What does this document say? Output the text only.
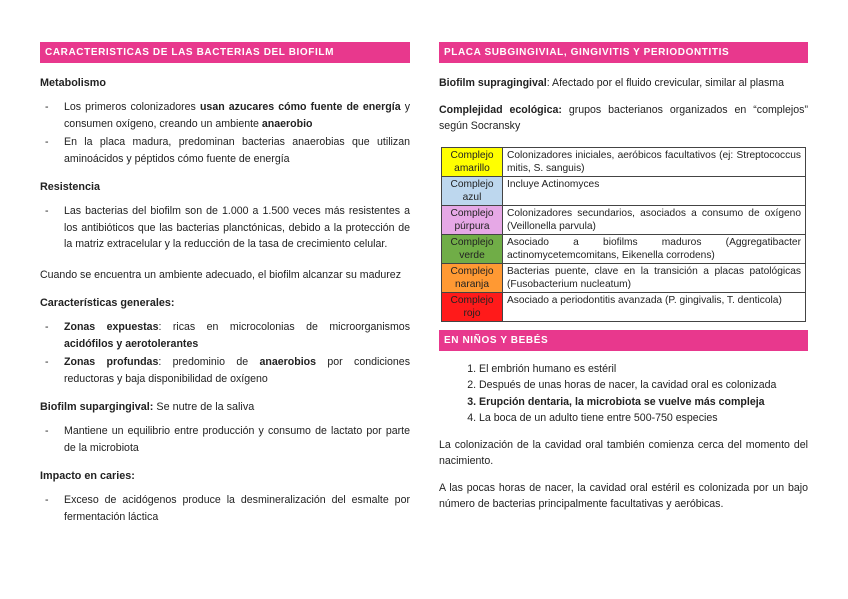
CARACTERISTICAS DE LAS BACTERIAS DEL BIOFILM
Metabolismo
- Los primeros colonizadores usan azucares cómo fuente de energía y consumen oxígeno, creando un ambiente anaerobio
- En la placa madura, predominan bacterias anaerobias que utilizan aminoácidos y péptidos cómo fuente de energía
Resistencia
- Las bacterias del biofilm son de 1.000 a 1.500 veces más resistentes a los antibióticos que las bacterias planctónicas, debido a la protección de la matriz extracelular y la reducción de la tasa de crecimiento celular.

Cuando se encuentra un ambiente adecuado, el biofilm alcanzar su madurez

Características generales:
- Zonas expuestas: ricas en microcolonias de microorganismos acidófilos y aerotolerantes
- Zonas profundas: predominio de anaerobios por condiciones reductoras y baja disponibilidad de oxígeno
Biofilm supargingival: Se nutre de la saliva
- Mantiene un equilibrio entre producción y consumo de lactato por parte de la microbiota
Impacto en caries:
- Exceso de acidógenos produce la desmineralización del esmalte por fermentación láctica
PLACA SUBGINGIVIAL, GINGIVITIS Y PERIODONTITIS

Biofilm supragingival: Afectado por el fluido crevicular, similar al plasma

Complejidad ecológica: grupos bacterianos organizados en “complejos” según Socransky

Complejo amarillo	Colonizadores iniciales, aeróbicos facultativos (ej: Streptococcus mitis, S. sanguis)
Complejo azul	Incluye Actinomyces
Complejo púrpura	Colonizadores secundarios, asociados a consumo de oxígeno (Veillonella parvula)
Complejo verde	Asociado a biofilms maduros (Aggregatibacter actinomycetemcomitans, Eikenella corrodens)
Complejo naranja	Bacterias puente, clave en la transición a placas patológicas (Fusobacterium nucleatum)
Complejo rojo	Asociado a periodontitis avanzada (P. gingivalis, T. denticola)
EN NIÑOS Y BEBÉS
1. El embrión humano es estéril
2. Después de unas horas de nacer, la cavidad oral es colonizada
3. Erupción dentaria, la microbiota se vuelve más compleja
4. La boca de un adulto tiene entre 500-750 especies

La colonización de la cavidad oral también comienza cerca del momento del nacimiento.

A las pocas horas de nacer, la cavidad oral estéril es colonizada por un bajo número de bacterias principalmente facultativas y aeróbicas.
